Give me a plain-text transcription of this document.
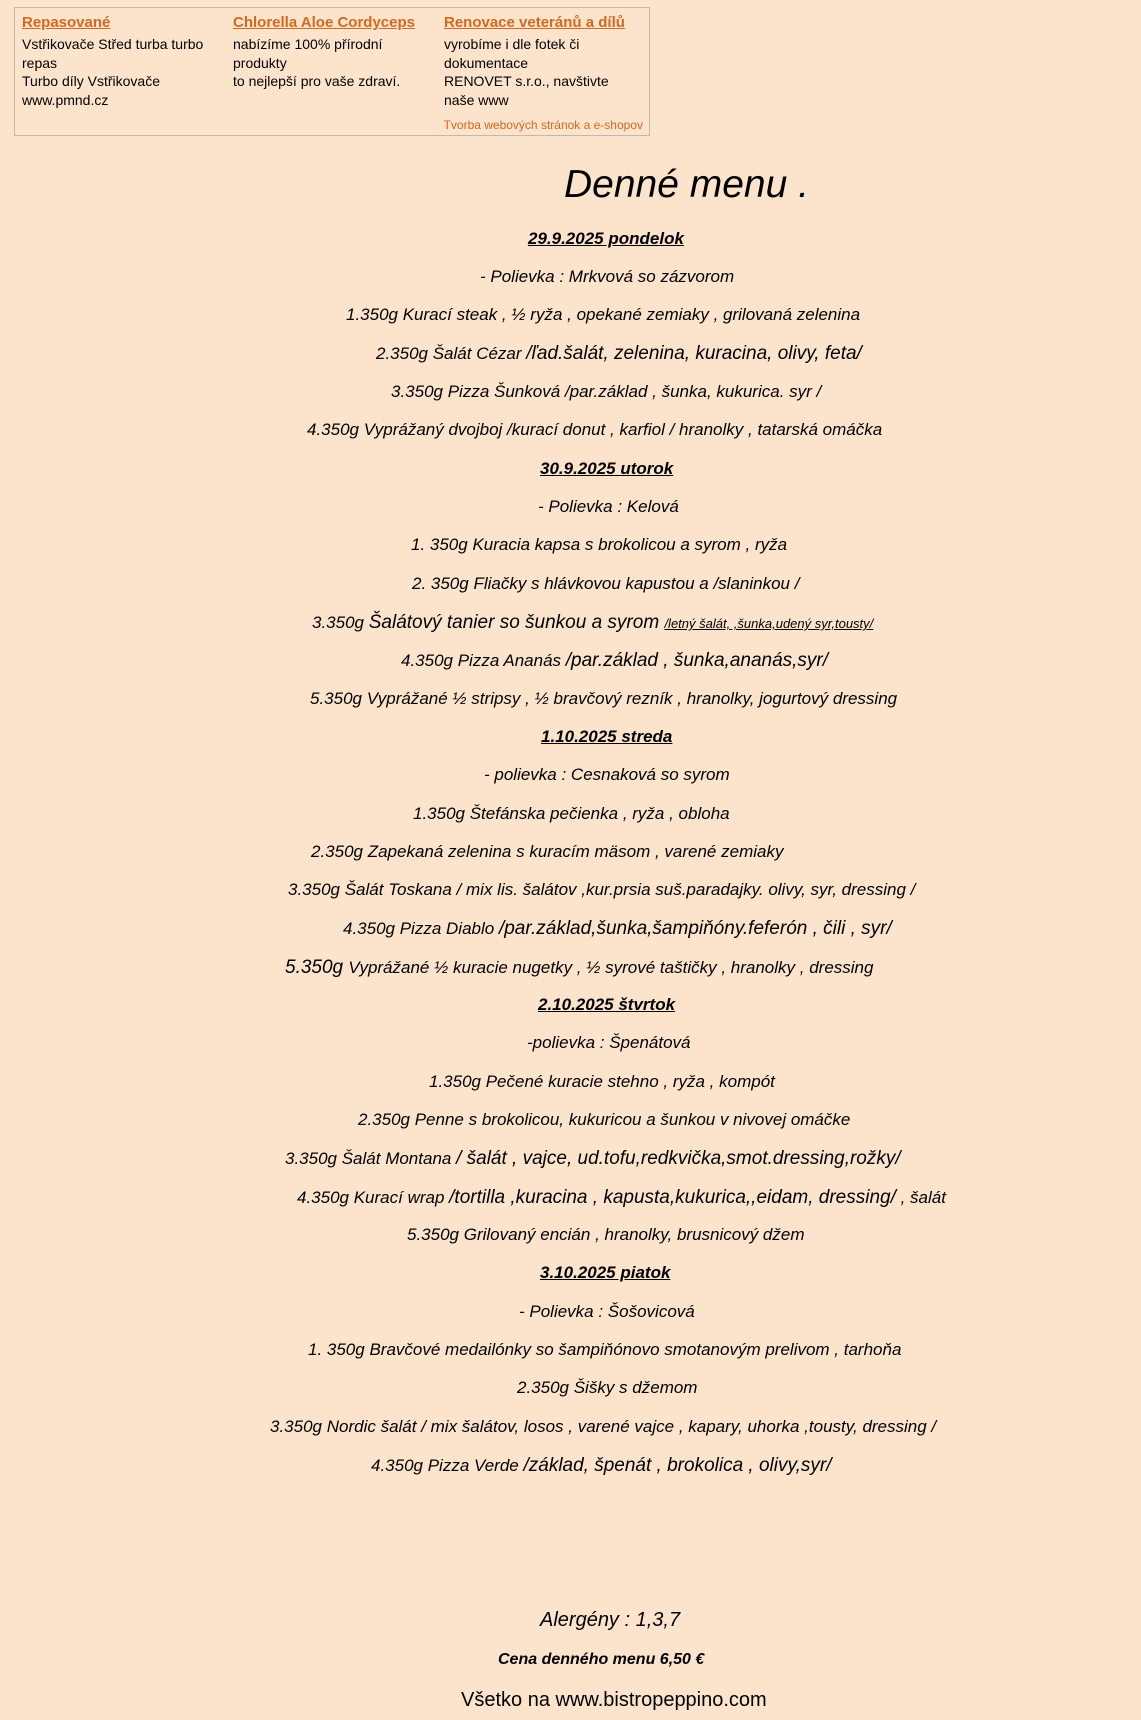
Repasované
Vstřikovače Střed turba turbo
repas
Turbo díly Vstřikovače
www.pmnd.cz
Chlorella Aloe Cordyceps
nabízíme 100% přírodní
produkty
to nejlepší pro vaše zdraví.
Renovace veteránů a dílů
vyrobíme i dle fotek či
dokumentace
RENOVET s.r.o., navštivte
naše www
Tvorba webových stránok a e-shopov
Denné menu .
29.9.2025 pondelok
- Polievka : Mrkvová so zázvorom
1.350g Kurací steak , ½ ryža , opekané zemiaky , grilovaná zelenina
2.350g Šalát Cézar /ľad.šalát, zelenina, kuracina, olivy, feta/
3.350g Pizza Šunková /par.základ , šunka, kukurica. syr /
4.350g Vyprážaný dvojboj /kurací donut , karfiol / hranolky , tatarská omáčka
30.9.2025 utorok
- Polievka : Kelová
1. 350g Kuracia kapsa s brokolicou a syrom , ryža
2. 350g Fliačky s hlávkovou kapustou a /slaninkou /
3.350g Šalátový tanier so šunkou a syrom /letný šalát, ,šunka,udený syr,tousty/
4.350g Pizza Ananás /par.základ , šunka,ananás,syr/
5.350g Vyprážané ½ stripsy , ½ bravčový rezník , hranolky, jogurtový dressing
1.10.2025 streda
- polievka : Cesnaková so syrom
1.350g Štefánska pečienka , ryža , obloha
2.350g Zapekaná zelenina s kuracím mäsom , varené zemiaky
3.350g Šalát Toskana / mix lis. šalátov ,kur.prsia suš.paradajky. olivy, syr, dressing /
4.350g Pizza Diablo /par.základ,šunka,šampiňóny.feferón , čili , syr/
5.350g Vyprážané ½ kuracie nugetky , ½ syrové taštičky , hranolky , dressing
2.10.2025 štvrtok
-polievka : Špenátová
1.350g Pečené kuracie stehno , ryža , kompót
2.350g Penne s brokolicou, kukuricou a šunkou v nivovej omáčke
3.350g Šalát Montana / šalát , vajce, ud.tofu,redkvička,smot.dressing,rožky/
4.350g Kurací wrap /tortilla ,kuracina , kapusta,kukurica,,eidam, dressing/ , šalát
5.350g Grilovaný encián , hranolky, brusnicový džem
3.10.2025 piatok
- Polievka : Šošovicová
1. 350g Bravčové medailónky so šampiňónovo smotanovým prelivom , tarhoňa
2.350g Šišky s džemom
3.350g Nordic šalát / mix šalátov, losos , varené vajce , kapary, uhorka ,tousty, dressing /
4.350g Pizza Verde /základ, špenát , brokolica , olivy,syr/
Alergény : 1,3,7
Cena denného menu 6,50 €
Všetko na www.bistropeppino.com
